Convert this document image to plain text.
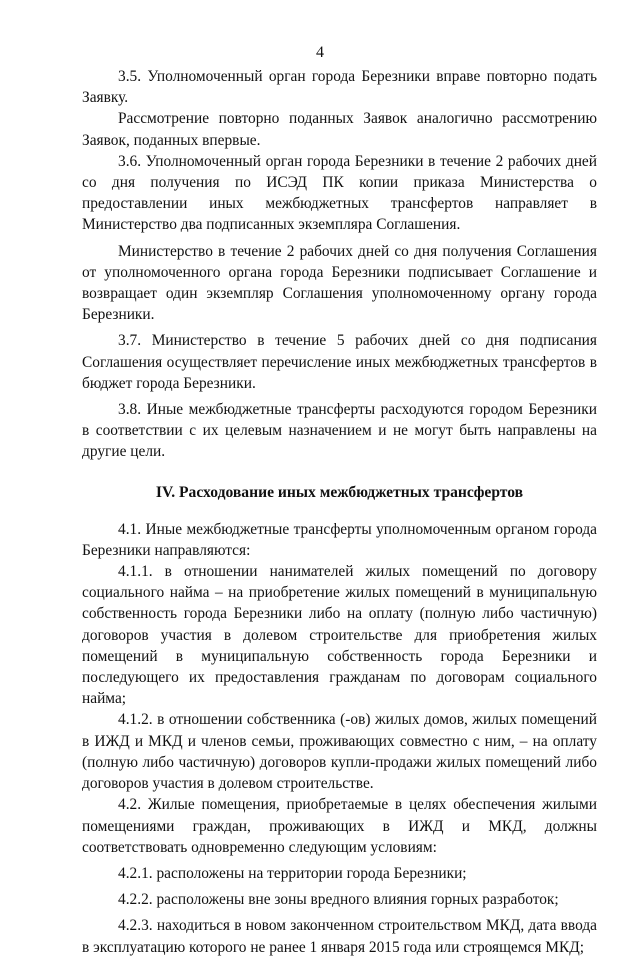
4

3.5. Уполномоченный орган города Березники вправе повторно подать Заявку.

Рассмотрение повторно поданных Заявок аналогично рассмотрению Заявок, поданных впервые.

3.6. Уполномоченный орган города Березники в течение 2 рабочих дней со дня получения по ИСЭД ПК копии приказа Министерства о предоставлении иных межбюджетных трансфертов направляет в Министерство два подписанных экземпляра Соглашения.

Министерство в течение 2 рабочих дней со дня получения Соглашения от уполномоченного органа города Березники подписывает Соглашение и возвращает один экземпляр Соглашения уполномоченному органу города Березники.

3.7. Министерство в течение 5 рабочих дней со дня подписания Соглашения осуществляет перечисление иных межбюджетных трансфертов в бюджет города Березники.

3.8. Иные межбюджетные трансферты расходуются городом Березники в соответствии с их целевым назначением и не могут быть направлены на другие цели.

IV. Расходование иных межбюджетных трансфертов

4.1. Иные межбюджетные трансферты уполномоченным органом города Березники направляются:

4.1.1. в отношении нанимателей жилых помещений по договору социального найма – на приобретение жилых помещений в муниципальную собственность города Березники либо на оплату (полную либо частичную) договоров участия в долевом строительстве для приобретения жилых помещений в муниципальную собственность города Березники и последующего их предоставления гражданам по договорам социального найма;

4.1.2. в отношении собственника (-ов) жилых домов, жилых помещений в ИЖД и МКД и членов семьи, проживающих совместно с ним, – на оплату (полную либо частичную) договоров купли-продажи жилых помещений либо договоров участия в долевом строительстве.

4.2. Жилые помещения, приобретаемые в целях обеспечения жилыми помещениями граждан, проживающих в ИЖД и МКД, должны соответствовать одновременно следующим условиям:

4.2.1. расположены на территории города Березники;

4.2.2. расположены вне зоны вредного влияния горных разработок;

4.2.3. находиться в новом законченном строительством МКД, дата ввода в эксплуатацию которого не ранее 1 января 2015 года или строящемся МКД;
